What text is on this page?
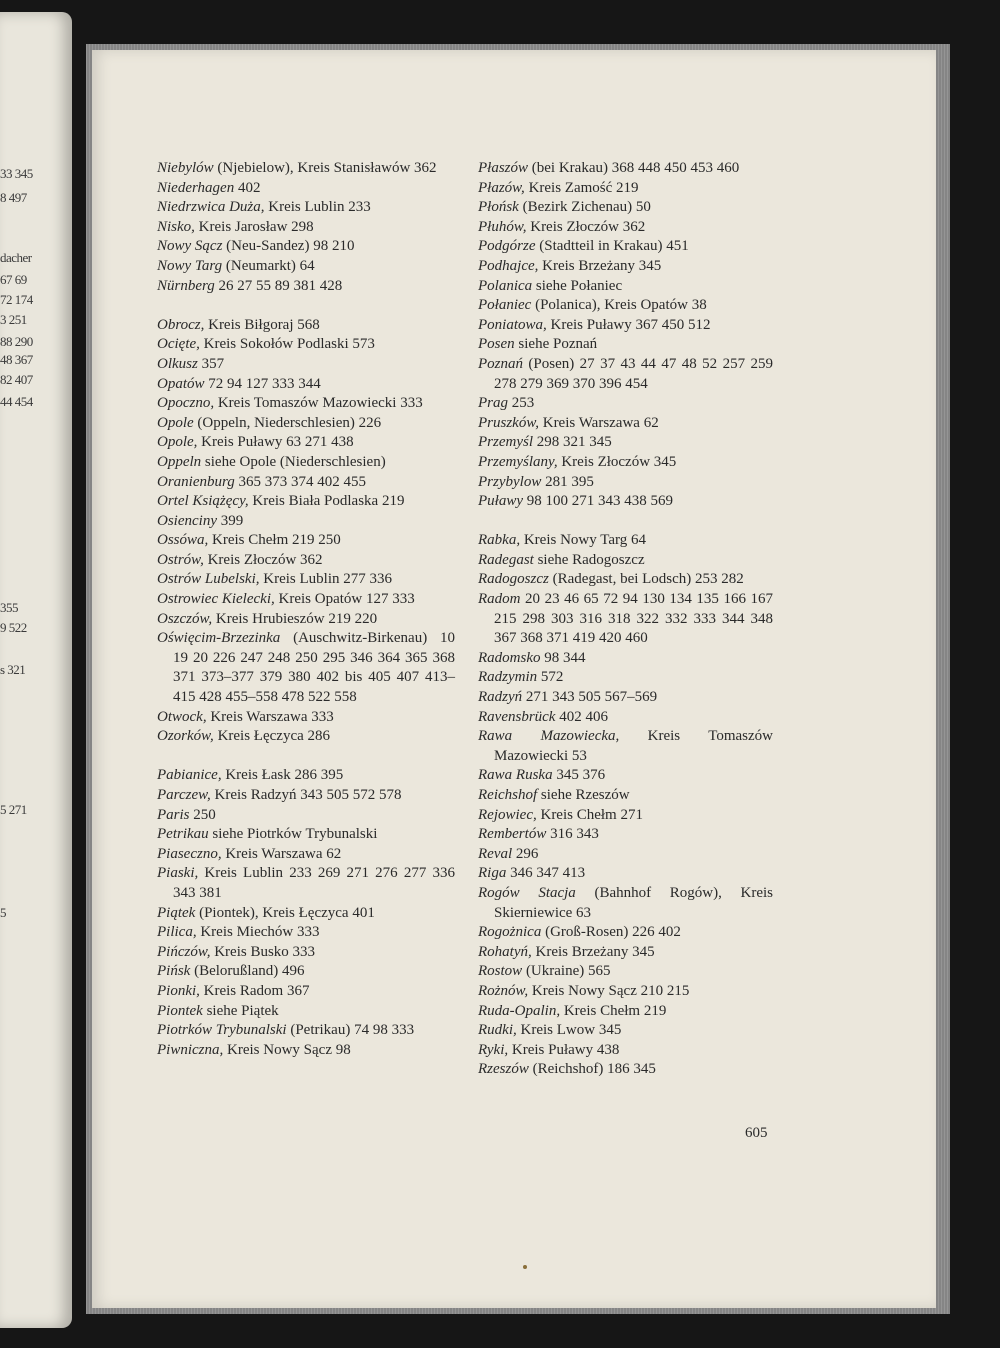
33 345
8 497
dacher
67 69
72 174
3 251
88 290
48 367
82 407
44 454
355
9 522
s 321
5 271
5
Niebylów (Njebielow), Kreis Stanisławów 362
Niederhagen 402
Niedrzwica Duża, Kreis Lublin 233
Nisko, Kreis Jarosław 298
Nowy Sącz (Neu-Sandez) 98 210
Nowy Targ (Neumarkt) 64
Nürnberg 26 27 55 89 381 428
Obrocz, Kreis Biłgoraj 568
Ocięte, Kreis Sokołów Podlaski 573
Olkusz 357
Opatów 72 94 127 333 344
Opoczno, Kreis Tomaszów Mazowiecki 333
Opole (Oppeln, Niederschlesien) 226
Opole, Kreis Puławy 63 271 438
Oppeln siehe Opole (Niederschlesien)
Oranienburg 365 373 374 402 455
Ortel Książęcy, Kreis Biała Podlaska 219
Osienciny 399
Ossówa, Kreis Chełm 219 250
Ostrów, Kreis Złoczów 362
Ostrów Lubelski, Kreis Lublin 277 336
Ostrowiec Kielecki, Kreis Opatów 127 333
Oszczów, Kreis Hrubieszów 219 220
Oświęcim-Brzezinka (Auschwitz-Birkenau) 10 19 20 226 247 248 250 295 346 364 365 368 371 373–377 379 380 402 bis 405 407 413–415 428 455–558 478 522 558
Otwock, Kreis Warszawa 333
Ozorków, Kreis Łęczyca 286
Pabianice, Kreis Łask 286 395
Parczew, Kreis Radzyń 343 505 572 578
Paris 250
Petrikau siehe Piotrków Trybunalski
Piaseczno, Kreis Warszawa 62
Piaski, Kreis Lublin 233 269 271 276 277 336 343 381
Piątek (Piontek), Kreis Łęczyca 401
Pilica, Kreis Miechów 333
Pińczów, Kreis Busko 333
Pińsk (Belorußland) 496
Pionki, Kreis Radom 367
Piontek siehe Piątek
Piotrków Trybunalski (Petrikau) 74 98 333
Piwniczna, Kreis Nowy Sącz 98
Płaszów (bei Krakau) 368 448 450 453 460
Płazów, Kreis Zamość 219
Płońsk (Bezirk Zichenau) 50
Płuhów, Kreis Złoczów 362
Podgórze (Stadtteil in Krakau) 451
Podhajce, Kreis Brzeżany 345
Polanica siehe Połaniec
Połaniec (Polanica), Kreis Opatów 38
Poniatowa, Kreis Puławy 367 450 512
Posen siehe Poznań
Poznań (Posen) 27 37 43 44 47 48 52 257 259 278 279 369 370 396 454
Prag 253
Pruszków, Kreis Warszawa 62
Przemyśl 298 321 345
Przemyślany, Kreis Złoczów 345
Przybylow 281 395
Puławy 98 100 271 343 438 569
Rabka, Kreis Nowy Targ 64
Radegast siehe Radogoszcz
Radogoszcz (Radegast, bei Lodsch) 253 282
Radom 20 23 46 65 72 94 130 134 135 166 167 215 298 303 316 318 322 332 333 344 348 367 368 371 419 420 460
Radomsko 98 344
Radzymin 572
Radzyń 271 343 505 567–569
Ravensbrück 402 406
Rawa Mazowiecka, Kreis Tomaszów Mazowiecki 53
Rawa Ruska 345 376
Reichshof siehe Rzeszów
Rejowiec, Kreis Chełm 271
Rembertów 316 343
Reval 296
Riga 346 347 413
Rogów Stacja (Bahnhof Rogów), Kreis Skierniewice 63
Rogożnica (Groß-Rosen) 226 402
Rohatyń, Kreis Brzeżany 345
Rostow (Ukraine) 565
Rożnów, Kreis Nowy Sącz 210 215
Ruda-Opalin, Kreis Chełm 219
Rudki, Kreis Lwow 345
Ryki, Kreis Puławy 438
Rzeszów (Reichshof) 186 345
605
